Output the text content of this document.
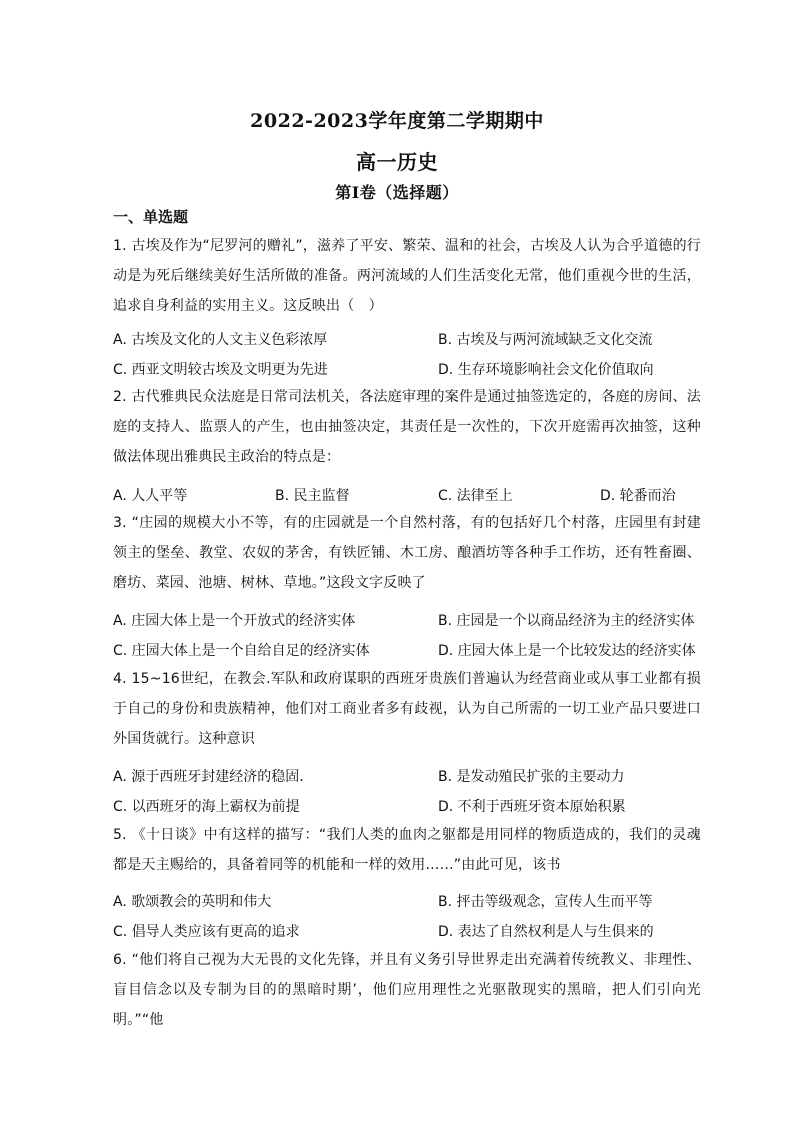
2022-2023学年度第二学期期中
高一历史
第Ⅰ卷（选择题）
一、单选题
1. 古埃及作为“尼罗河的赠礼”，滋养了平安、繁荣、温和的社会，古埃及人认为合乎道德的行动是为死后继续美好生活所做的准备。两河流域的人们生活变化无常，他们重视今世的生活，追求自身利益的实用主义。这反映出（　）
A. 古埃及文化的人文主义色彩浓厚	B. 古埃及与两河流域缺乏文化交流
C. 西亚文明较古埃及文明更为先进	D. 生存环境影响社会文化价值取向
2. 古代雅典民众法庭是日常司法机关，各法庭审理的案件是通过抽签选定的，各庭的房间、法庭的支持人、监票人的产生，也由抽签决定，其责任是一次性的，下次开庭需再次抽签，这种做法体现出雅典民主政治的特点是：
A. 人人平等	B. 民主监督	C. 法律至上	D. 轮番而治
3. “庄园的规模大小不等，有的庄园就是一个自然村落，有的包括好几个村落，庄园里有封建领主的堡垒、教堂、农奴的茅舍，有铁匠铺、木工房、酿酒坊等各种手工作坊，还有牲畜圈、磨坊、菜园、池塘、树林、草地。”这段文字反映了
A. 庄园大体上是一个开放式的经济实体	B. 庄园是一个以商品经济为主的经济实体
C. 庄园大体上是一个自给自足的经济实体	D. 庄园大体上是一个比较发达的经济实体
4. 15~16世纪，在教会.军队和政府谋职的西班牙贵族们普遍认为经营商业或从事工业都有损于自己的身份和贵族精神，他们对工商业者多有歧视，认为自己所需的一切工业产品只要进口外国货就行。这种意识
A. 源于西班牙封建经济的稳固.	B. 是发动殖民扩张的主要动力
C. 以西班牙的海上霸权为前提	D. 不利于西班牙资本原始积累
5. 《十日谈》中有这样的描写：“我们人类的血肉之躯都是用同样的物质造成的，我们的灵魂都是天主赐给的，具备着同等的机能和一样的效用……”由此可见，该书
A. 歌颂教会的英明和伟大	B. 抨击等级观念，宣传人生而平等
C. 倡导人类应该有更高的追求	D. 表达了自然权利是人与生俱来的
6. “他们将自己视为大无畏的文化先锋，并且有义务引导世界走出充满着传统教义、非理性、盲目信念以及专制为目的的黑暗时期’，他们应用理性之光驱散现实的黑暗，把人们引向光明。”“他
